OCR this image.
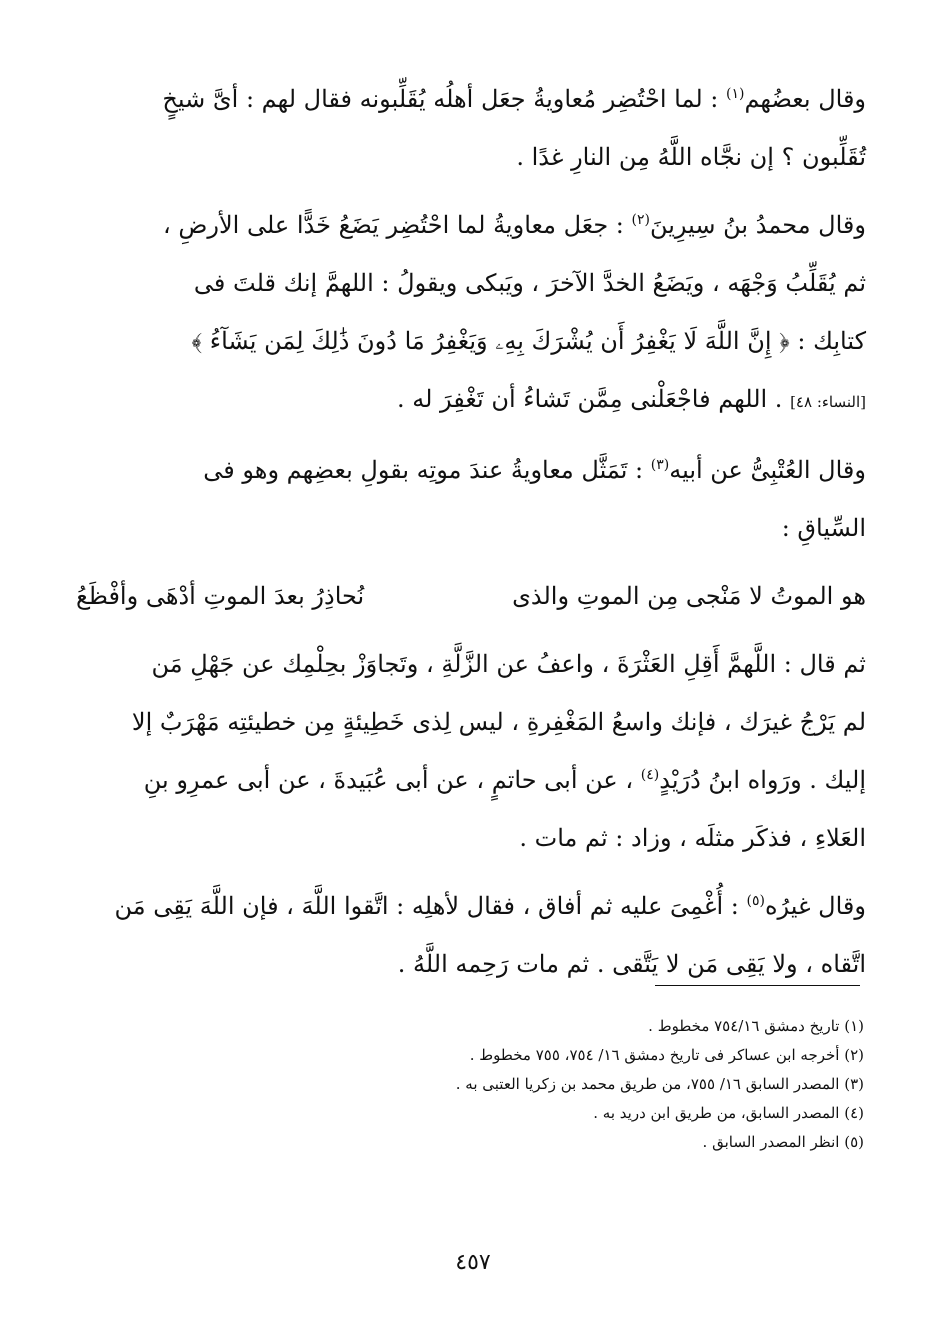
وقال بعضُهم$^{(١)}$ : لما احْتُضِر مُعاويةُ جعَل أهلُه يُقَلِّبونه فقال لهم : أىَّ شيخٍ
تُقَلِّبون ؟ إن نجَّاه اللَّهُ مِن النارِ غدًا .

وقال محمدُ بنُ سِيرِينَ$^{(٢)}$ : جعَل معاويةُ لما احْتُضِر يَضَعُ خَدًّا على الأرضِ ،
ثم يُقَلِّبُ وَجْهَه ، ويَضَعُ الخدَّ الآخرَ ، ويَبكى ويقولُ : اللهمَّ إنك قلتَ فى
كتابِك : ﴿ إِنَّ اللَّهَ لَا يَغْفِرُ أَن يُشْرَكَ بِهِۦ وَيَغْفِرُ مَا دُونَ ذَٰلِكَ لِمَن يَشَآءُ ﴾
[النساء: ٤٨] . اللهم فاجْعَلْنى مِمَّن تَشاءُ أن تَغْفِرَ له .

وقال العُتْبِىُّ عن أبيه$^{(٣)}$ : تَمَثَّل معاويةُ عندَ موتِه بقولِ بعضِهم وهو فى
السِّياقِ :

هو الموتُ لا مَنْجى مِن الموتِ والذى
نُحاذِرُ بعدَ الموتِ أدْهَى وأفْظَعُ

ثم قال : اللَّهمَّ أَقِلِ العَثْرَةَ ، واعفُ عن الزَّلَّةِ ، وتَجاوَزْ بحِلْمِك عن جَهْلِ مَن
لم يَرْجُ غيرَك ، فإنك واسعُ المَغْفِرةِ ، ليس لِذى خَطِيئةٍ مِن خطيئتِه مَهْرَبٌ إلا
إليك . ورَواه ابنُ دُرَيْدٍ$^{(٤)}$ ، عن أبى حاتمٍ ، عن أبى عُبَيدةَ ، عن أبى عمرِو بنِ
العَلاءِ ، فذكَر مثلَه ، وزاد : ثم مات .

وقال غيرُه$^{(٥)}$ : أُغْمِىَ عليه ثم أفاق ، فقال لأهلِه : اتَّقوا اللَّهَ ، فإن اللَّهَ يَقِى مَن
اتَّقاه ، ولا يَقِى مَن لا يَتَّقى . ثم مات رَحِمه اللَّهُ .

(١) تاريخ دمشق ٧٥٤/١٦ مخطوط .
(٢) أخرجه ابن عساكر فى تاريخ دمشق ١٦/ ٧٥٤، ٧٥٥ مخطوط .
(٣) المصدر السابق ١٦/ ٧٥٥، من طريق محمد بن زكريا العتبى به .
(٤) المصدر السابق، من طريق ابن دريد به .
(٥) انظر المصدر السابق .
٤٥٧
